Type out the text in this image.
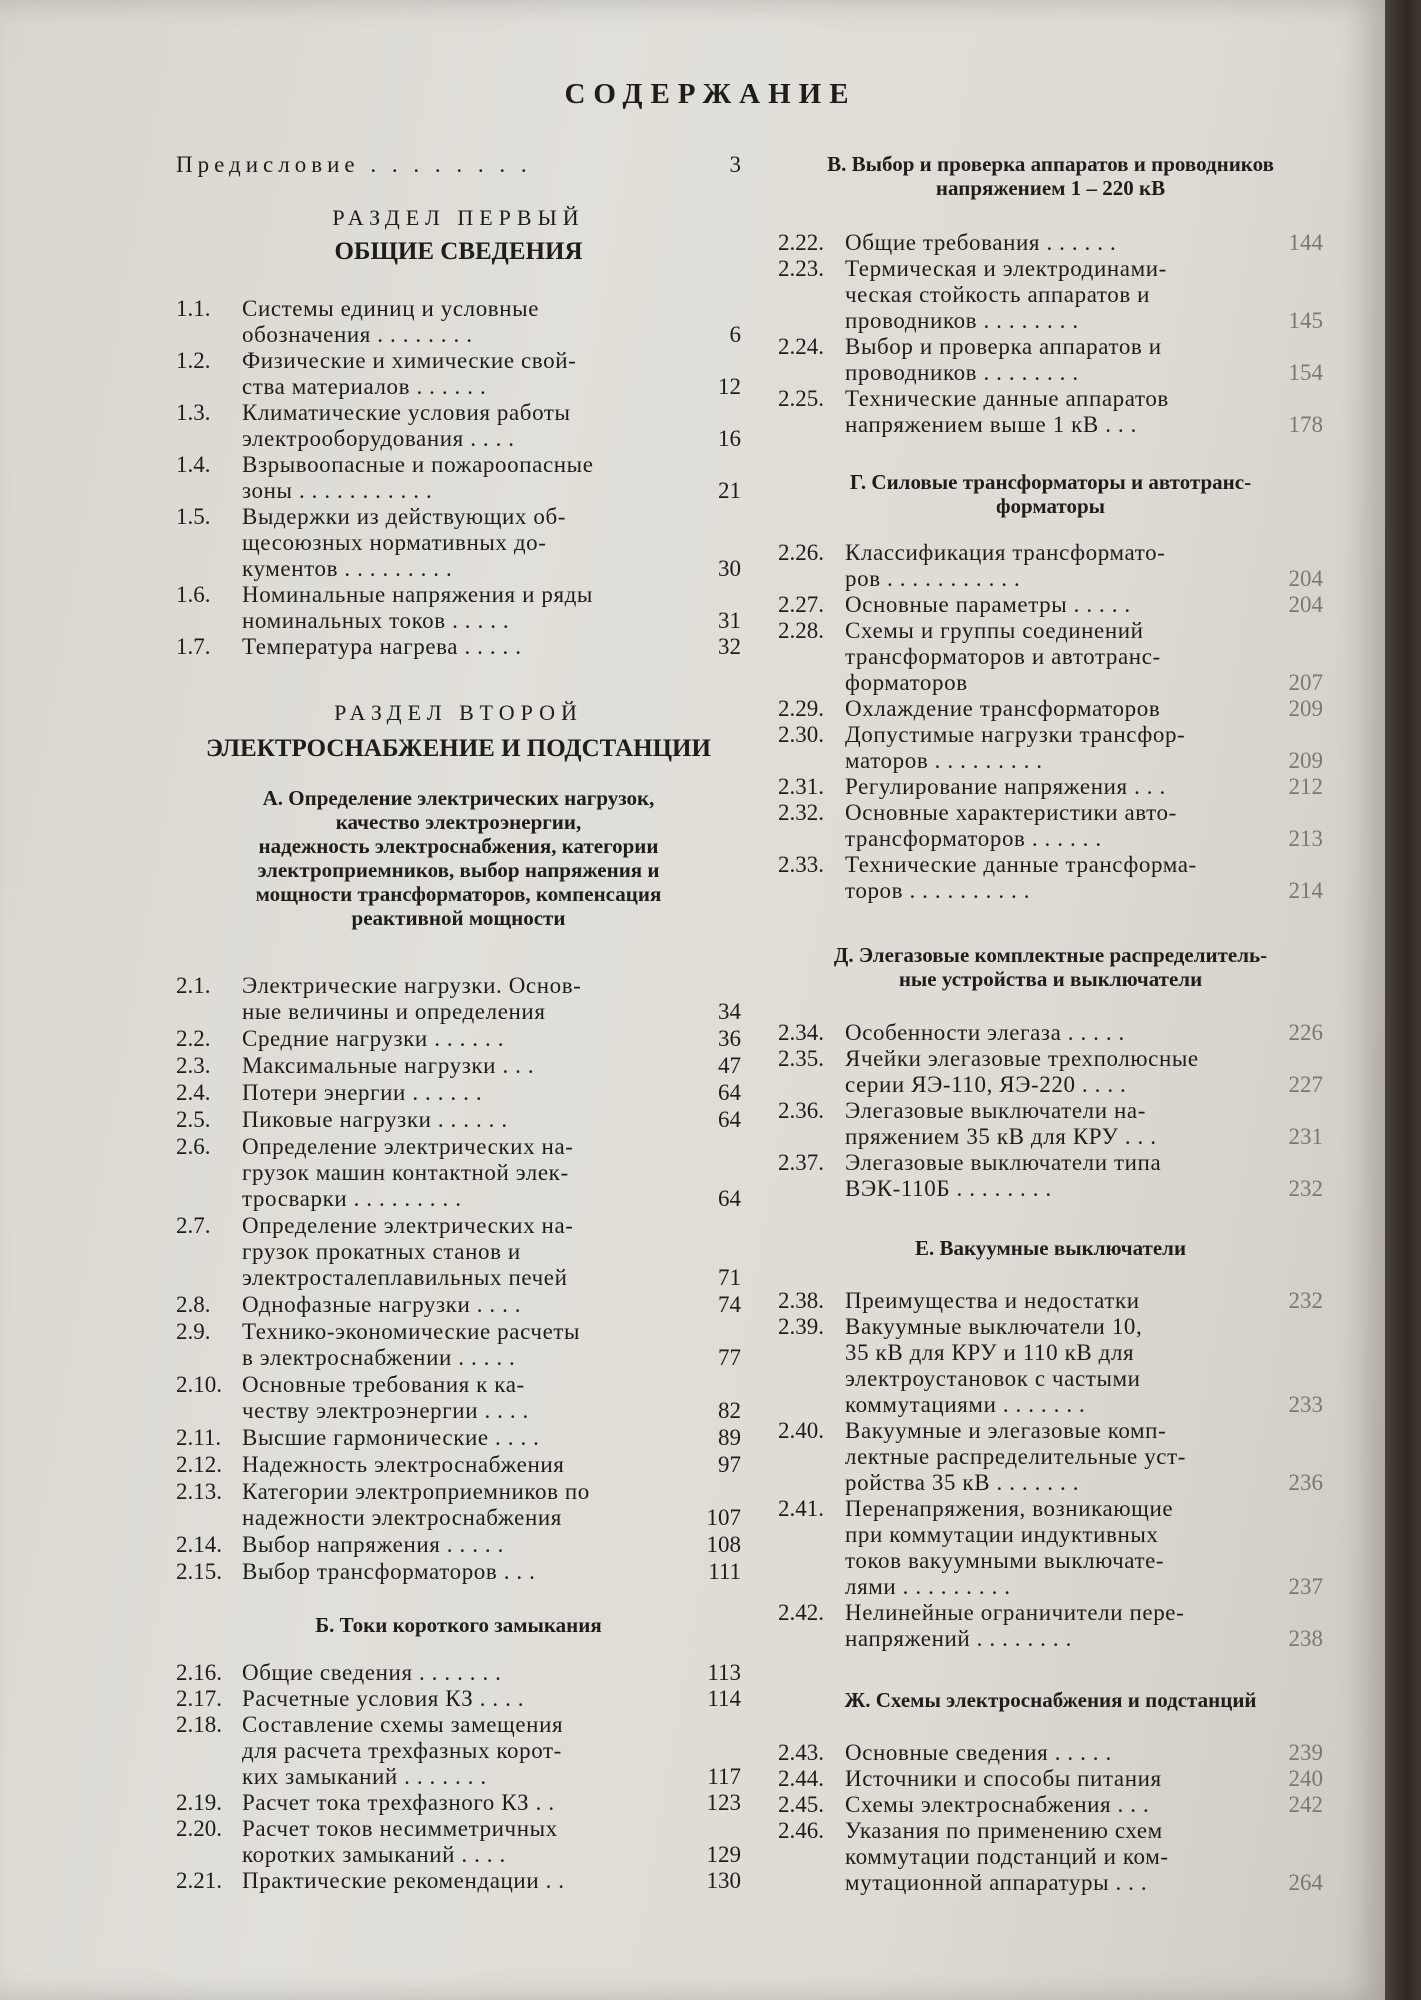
СОДЕРЖАНИЕ
Предисловие . . . . . . . .	3
РАЗДЕЛ ПЕРВЫЙ
ОБЩИЕ СВЕДЕНИЯ
1.1. Системы единиц и условные
обозначения . . . . . . . .	6
1.2. Физические и химические свой-
ства материалов . . . . . .	12
1.3. Климатические условия работы
электрооборудования . . . .	16
1.4. Взрывоопасные и пожароопасные
зоны . . . . . . . . . . .	21
1.5. Выдержки из действующих об-
щесоюзных нормативных до-
кументов . . . . . . . . .	30
1.6. Номинальные напряжения и ряды
номинальных токов . . . . .	31
1.7. Температура нагрева . . . . .	32
РАЗДЕЛ ВТОРОЙ
ЭЛЕКТРОСНАБЖЕНИЕ И ПОДСТАНЦИИ
А. Определение электрических нагрузок,
качество электроэнергии,
надежность электроснабжения, категории
электроприемников, выбор напряжения и
мощности трансформаторов, компенсация
реактивной мощности
2.1. Электрические нагрузки. Основ-
ные величины и определения	34
2.2. Средние нагрузки . . . . . .	36
2.3. Максимальные нагрузки . . .	47
2.4. Потери энергии . . . . . .	64
2.5. Пиковые нагрузки . . . . . .	64
2.6. Определение электрических на-
грузок машин контактной элек-
тросварки . . . . . . . . .	64
2.7. Определение электрических на-
грузок прокатных станов и
электросталеплавильных печей	71
2.8. Однофазные нагрузки . . . .	74
2.9. Технико-экономические расчеты
в электроснабжении . . . . .	77
2.10. Основные требования к ка-
честву электроэнергии . . . .	82
2.11. Высшие гармонические . . . .	89
2.12. Надежность электроснабжения	97
2.13. Категории электроприемников по
надежности электроснабжения	107
2.14. Выбор напряжения . . . . .	108
2.15. Выбор трансформаторов . . .	111
Б. Токи короткого замыкания
2.16. Общие сведения . . . . . . .	113
2.17. Расчетные условия КЗ . . . .	114
2.18. Составление схемы замещения
для расчета трехфазных корот-
ких замыканий . . . . . . .	117
2.19. Расчет тока трехфазного КЗ . .	123
2.20. Расчет токов несимметричных
коротких замыканий . . . .	129
2.21. Практические рекомендации . .	130
В. Выбор и проверка аппаратов и проводников
напряжением 1 – 220 кВ
2.22. Общие требования . . . . . .	144
2.23. Термическая и электродинами-
ческая стойкость аппаратов и
проводников . . . . . . . .	145
2.24. Выбор и проверка аппаратов и
проводников . . . . . . . .	154
2.25. Технические данные аппаратов
напряжением выше 1 кВ . . .	178
Г. Силовые трансформаторы и автотранс-
форматоры
2.26. Классификация трансформато-
ров . . . . . . . . . . .	204
2.27. Основные параметры . . . . .	204
2.28. Схемы и группы соединений
трансформаторов и автотранс-
форматоров	207
2.29. Охлаждение трансформаторов	209
2.30. Допустимые нагрузки трансфор-
маторов . . . . . . . . .	209
2.31. Регулирование напряжения . . .	212
2.32. Основные характеристики авто-
трансформаторов . . . . . .	213
2.33. Технические данные трансформа-
торов . . . . . . . . . .	214
Д. Элегазовые комплектные распределитель-
ные устройства и выключатели
2.34. Особенности элегаза . . . . .	226
2.35. Ячейки элегазовые трехполюсные
серии ЯЭ-110, ЯЭ-220 . . . .	227
2.36. Элегазовые выключатели на-
пряжением 35 кВ для КРУ . . .	231
2.37. Элегазовые выключатели типа
ВЭК-110Б . . . . . . . .	232
Е. Вакуумные выключатели
2.38. Преимущества и недостатки	232
2.39. Вакуумные выключатели 10,
35 кВ для КРУ и 110 кВ для
электроустановок с частыми
коммутациями . . . . . . .	233
2.40. Вакуумные и элегазовые комп-
лектные распределительные уст-
ройства 35 кВ . . . . . . .	236
2.41. Перенапряжения, возникающие
при коммутации индуктивных
токов вакуумными выключате-
лями . . . . . . . . .	237
2.42. Нелинейные ограничители пере-
напряжений . . . . . . . .	238
Ж. Схемы электроснабжения и подстанций
2.43. Основные сведения . . . . .	239
2.44. Источники и способы питания	240
2.45. Схемы электроснабжения . . .	242
2.46. Указания по применению схем
коммутации подстанций и ком-
мутационной аппаратуры . . .	264
